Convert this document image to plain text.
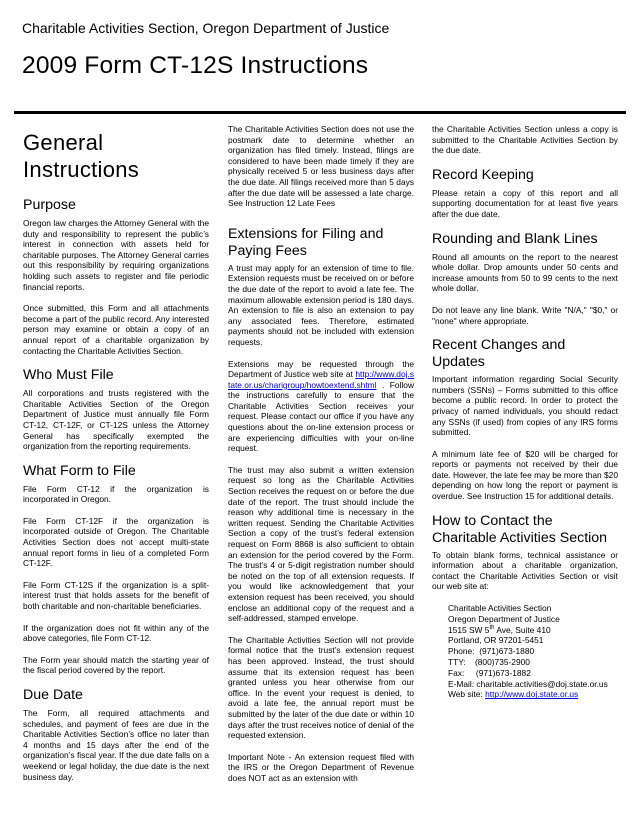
Charitable Activities Section, Oregon Department of Justice
2009 Form CT-12S Instructions
General Instructions
Purpose

Oregon law charges the Attorney General with the duty and responsibility to represent the public’s interest in connection with assets held for charitable purposes. The Attorney General carries out this responsibility by requiring organizations holding such assets to register and file periodic financial reports.

Once submitted, this Form and all attachments become a part of the public record. Any interested person may examine or obtain a copy of an annual report of a charitable organization by contacting the Charitable Activities Section.

Who Must File

All corporations and trusts registered with the Charitable Activities Section of the Oregon Department of Justice must annually file Form CT-12, CT-12F, or CT-12S unless the Attorney General has specifically exempted the organization from the reporting requirements.

What Form to File

File Form CT-12 if the organization is incorporated in Oregon.

File Form CT-12F if the organization is incorporated outside of Oregon. The Charitable Activities Section does not accept multi-state annual report forms in lieu of a completed Form CT-12F.

File Form CT-12S if the organization is a split-interest trust that holds assets for the benefit of both charitable and non-charitable beneficiaries.

If the organization does not fit within any of the above categories, file Form CT-12.

The Form year should match the starting year of the fiscal period covered by the report.

Due Date

The Form, all required attachments and schedules, and payment of fees are due in the Charitable Activities Section’s office no later than 4 months and 15 days after the end of the organization’s fiscal year. If the due date falls on a weekend or legal holiday, the due date is the next business day.

The Charitable Activities Section does not use the postmark date to determine whether an organization has filed timely. Instead, filings are considered to have been made timely if they are physically received 5 or less business days after the due date. All filings received more than 5 days after the due date will be assessed a late charge. See Instruction 12 Late Fees

Extensions for Filing and Paying Fees

A trust may apply for an extension of time to file. Extension requests must be received on or before the due date of the report to avoid a late fee. The maximum allowable extension period is 180 days. An extension to file is also an extension to pay any associated fees. Therefore, estimated payments should not be included with extension requests.

Extensions may be requested through the Department of Justice web site at http://www.doj.state.or.us/charigroup/howtoextend.shtml . Follow the instructions carefully to ensure that the Charitable Activities Section receives your request. Please contact our office if you have any questions about the on-line extension process or are experiencing difficulties with your on-line request.

The trust may also submit a written extension request so long as the Charitable Activities Section receives the request on or before the due date of the report. The trust should include the reason why additional time is necessary in the written request. Sending the Charitable Activities Section a copy of the trust’s federal extension request on Form 8868 is also sufficient to obtain an extension for the period covered by the Form. The trust’s 4 or 5-digit registration number should be noted on the top of all extension requests. If you would like acknowledgement that your extension request has been received, you should enclose an additional copy of the request and a self-addressed, stamped envelope.

The Charitable Activities Section will not provide formal notice that the trust’s extension request has been approved. Instead, the trust should assume that its extension request has been granted unless you hear otherwise from our office. In the event your request is denied, to avoid a late fee, the annual report must be submitted by the later of the due date or within 10 days after the trust receives notice of denial of the requested extension.

Important Note - An extension request filed with the IRS or the Oregon Department of Revenue does NOT act as an extension with

the Charitable Activities Section unless a copy is submitted to the Charitable Activities Section by the due date.

Record Keeping

Please retain a copy of this report and all supporting documentation for at least five years after the due date.

Rounding and Blank Lines

Round all amounts on the report to the nearest whole dollar. Drop amounts under 50 cents and increase amounts from 50 to 99 cents to the next whole dollar.

Do not leave any line blank. Write "N/A," "$0," or "none" where appropriate.

Recent Changes and Updates

Important information regarding Social Security numbers (SSNs) – Forms submitted to this office become a public record. In order to protect the privacy of named individuals, you should redact any SSNs (if used) from copies of any IRS forms submitted.

A minimum late fee of $20 will be charged for reports or payments not received by their due date. However, the late fee may be more than $20 depending on how long the report or payment is overdue. See Instruction 15 for additional details.

How to Contact the Charitable Activities Section

To obtain blank forms, technical assistance or information about a charitable organization, contact the Charitable Activities Section or visit our web site at:

Charitable Activities Section
Oregon Department of Justice
1515 SW 5th Ave, Suite 410
Portland, OR 97201-5451
Phone:  (971)673-1880
TTY:    (800)735-2900
Fax:     (971)673-1882
E-Mail: charitable.activities@doj.state.or.us
Web site: http://www.doj.state.or.us
